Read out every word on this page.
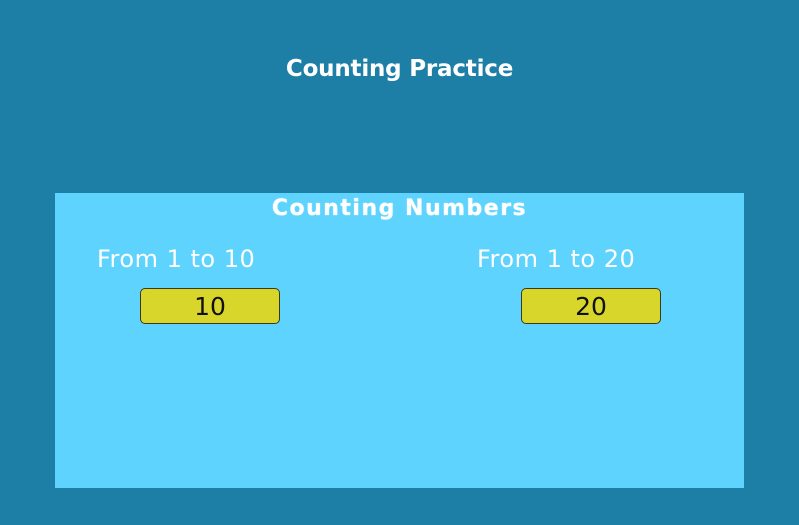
Counting Practice
Counting Numbers
From 1 to 10
10
From 1 to 20
20
